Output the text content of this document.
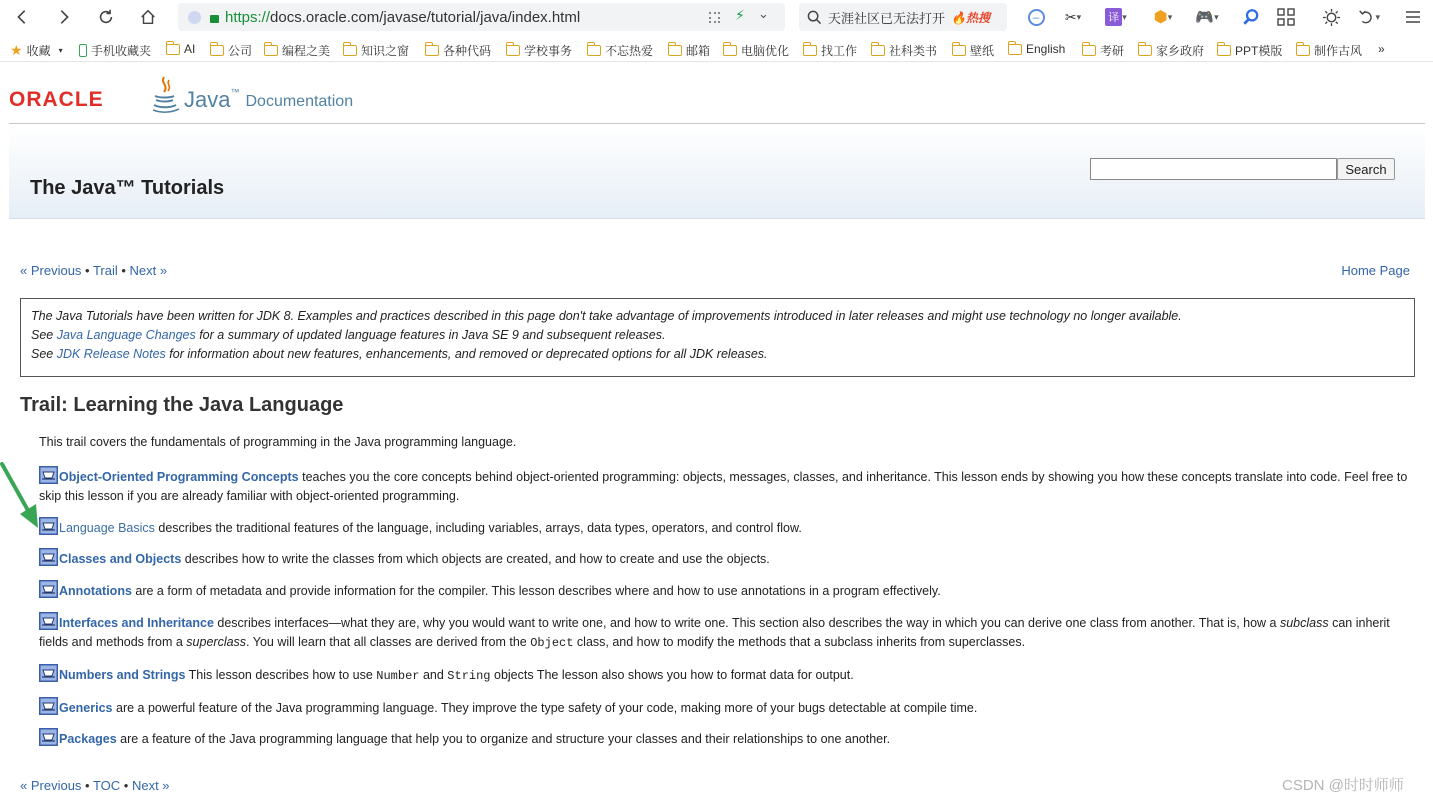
https:// docs.oracle.com/javase/tutorial/java/index.html	⚡ ⌄	天涯社区已无法打开 🔥热搜	–	✂ ▾ 译 ▾ ⬢ ▾ 🎮 ▾	▾
★ 收藏 ▾ 手机收藏夹	AI	公司 编程之美	知识之窗	各种代码	学校事务	不忘热爱	邮箱	电脑优化	找工作	社科类书	壁纸	English	考研	家乡政府	PPT模版	制作古风 »
ORACLE	Java™
Documentation
The Java™ Tutorials
Search
« Previous • Trail • Next »	Home Page
The Java Tutorials have been written for JDK 8. Examples and practices described in this page don't take advantage of improvements introduced in later releases and might use technology no longer available.
See Java Language Changes for a summary of updated language features in Java SE 9 and subsequent releases.
See JDK Release Notes for information about new features, enhancements, and removed or deprecated options for all JDK releases.
Trail: Learning the Java Language
This trail covers the fundamentals of programming in the Java programming language.
Object-Oriented Programming Concepts teaches you the core concepts behind object-oriented programming: objects, messages, classes, and inheritance. This lesson ends by showing you how these concepts translate into code. Feel free to skip this lesson if you are already familiar with object-oriented programming.
Language Basics describes the traditional features of the language, including variables, arrays, data types, operators, and control flow.
Classes and Objects describes how to write the classes from which objects are created, and how to create and use the objects.
Annotations are a form of metadata and provide information for the compiler. This lesson describes where and how to use annotations in a program effectively.
Interfaces and Inheritance describes interfaces—what they are, why you would want to write one, and how to write one. This section also describes the way in which you can derive one class from another. That is, how a subclass can inherit fields and methods from a superclass. You will learn that all classes are derived from the Object class, and how to modify the methods that a subclass inherits from superclasses.
Numbers and Strings This lesson describes how to use Number and String objects The lesson also shows you how to format data for output.
Generics are a powerful feature of the Java programming language. They improve the type safety of your code, making more of your bugs detectable at compile time.
Packages are a feature of the Java programming language that help you to organize and structure your classes and their relationships to one another.
« Previous • TOC • Next »	CSDN @时时师师
